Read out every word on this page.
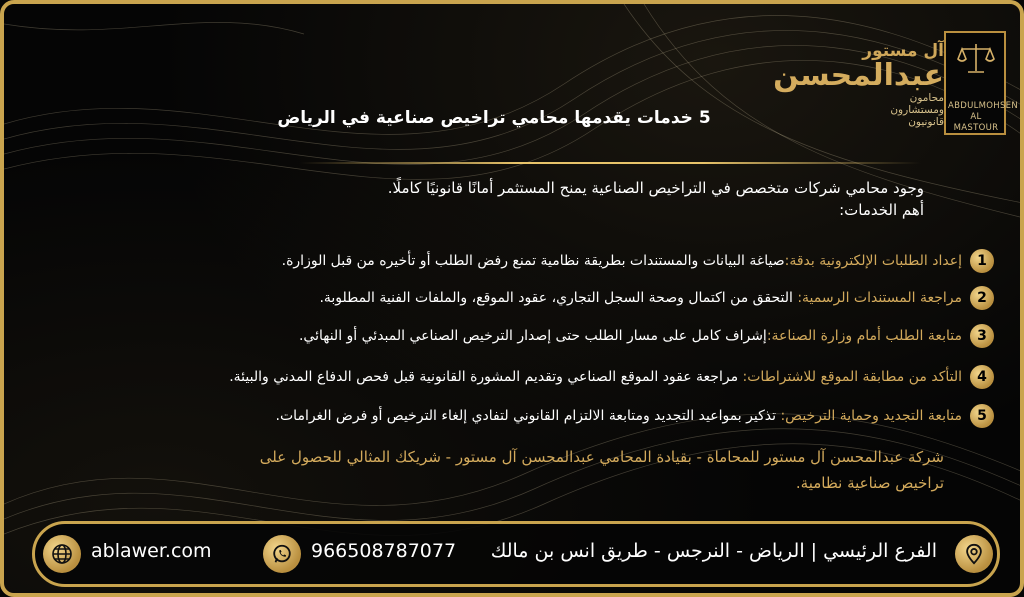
آل مستور
عبدالمحسن
محامون
ومستشارون
قانونيون
ABDULMOHSEN
AL MASTOUR
5 خدمات يقدمها محامي تراخيص صناعية في الرياض
وجود محامي شركات متخصص في التراخيص الصناعية يمنح المستثمر أمانًا قانونيًا كاملًا.
أهم الخدمات:
1
إعداد الطلبات الإلكترونية بدقة:صياغة البيانات والمستندات بطريقة نظامية تمنع رفض الطلب أو تأخيره من قبل الوزارة.
2
مراجعة المستندات الرسمية: التحقق من اكتمال وصحة السجل التجاري، عقود الموقع، والملفات الفنية المطلوبة.
3
متابعة الطلب أمام وزارة الصناعة:إشراف كامل على مسار الطلب حتى إصدار الترخيص الصناعي المبدئي أو النهائي.
4
التأكد من مطابقة الموقع للاشتراطات: مراجعة عقود الموقع الصناعي وتقديم المشورة القانونية قبل فحص الدفاع المدني والبيئة.
5
متابعة التجديد وحماية الترخيص: تذكير بمواعيد التجديد ومتابعة الالتزام القانوني لتفادي إلغاء الترخيص أو فرض الغرامات.
شركة عبدالمحسن آل مستور للمحاماة - بقيادة المحامي عبدالمحسن آل مستور - شريكك المثالي للحصول على
تراخيص صناعية نظامية.
الفرع الرئيسي | الرياض - النرجس - طريق انس بن مالك
966508787077
ablawer.com
